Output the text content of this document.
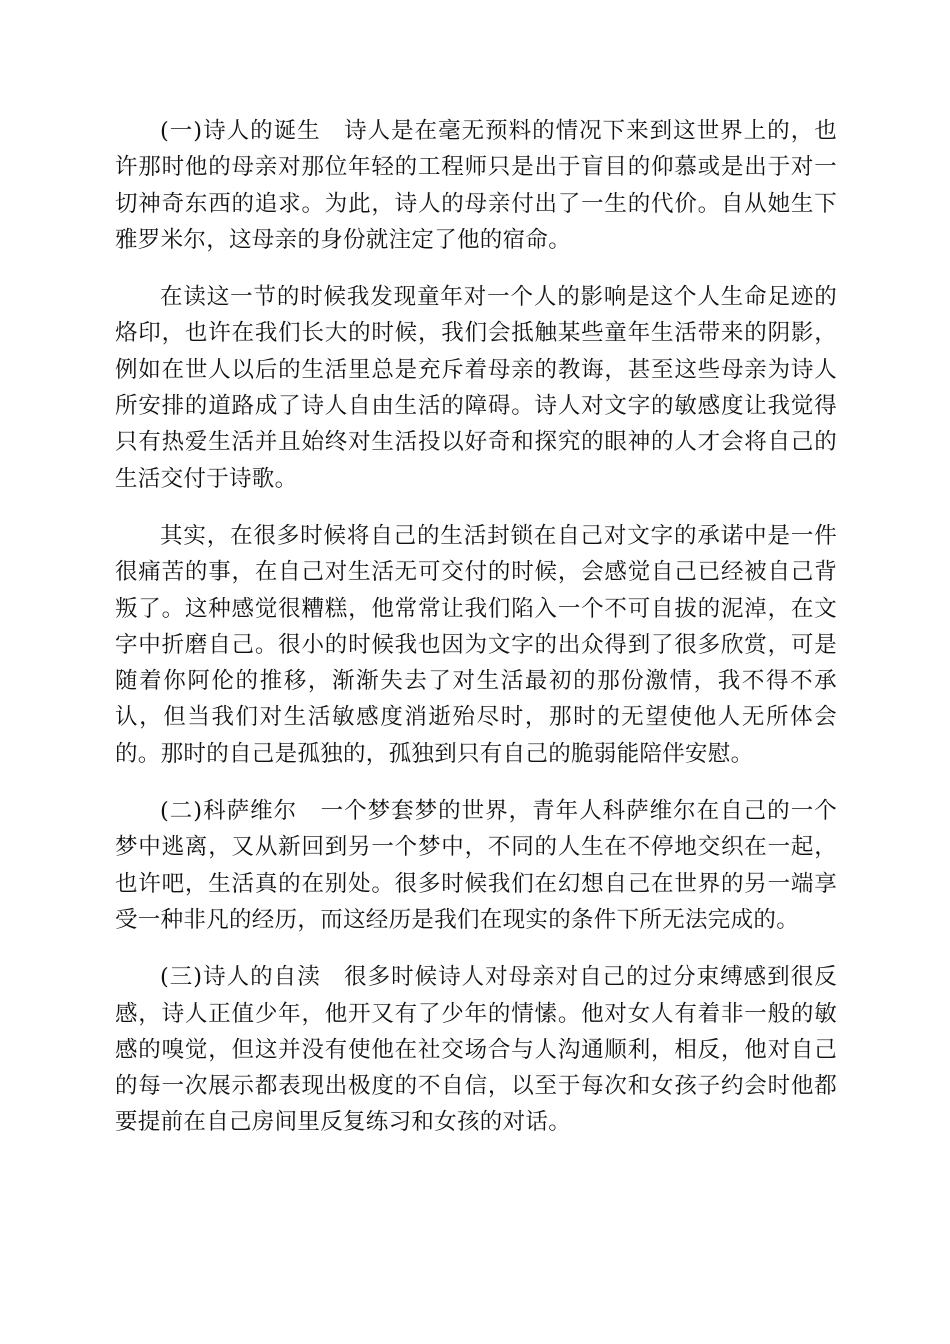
(一)诗人的诞生　诗人是在毫无预料的情况下来到这世界上的，也许那时他的母亲对那位年轻的工程师只是出于盲目的仰慕或是出于对一切神奇东西的追求。为此，诗人的母亲付出了一生的代价。自从她生下雅罗米尔，这母亲的身份就注定了他的宿命。

在读这一节的时候我发现童年对一个人的影响是这个人生命足迹的烙印，也许在我们长大的时候，我们会抵触某些童年生活带来的阴影，例如在世人以后的生活里总是充斥着母亲的教诲，甚至这些母亲为诗人所安排的道路成了诗人自由生活的障碍。诗人对文字的敏感度让我觉得只有热爱生活并且始终对生活投以好奇和探究的眼神的人才会将自己的生活交付于诗歌。

其实，在很多时候将自己的生活封锁在自己对文字的承诺中是一件很痛苦的事，在自己对生活无可交付的时候，会感觉自己已经被自己背叛了。这种感觉很糟糕，他常常让我们陷入一个不可自拔的泥淖，在文字中折磨自己。很小的时候我也因为文字的出众得到了很多欣赏，可是随着你阿伦的推移，渐渐失去了对生活最初的那份激情，我不得不承认，但当我们对生活敏感度消逝殆尽时，那时的无望使他人无所体会的。那时的自己是孤独的，孤独到只有自己的脆弱能陪伴安慰。

(二)科萨维尔　一个梦套梦的世界，青年人科萨维尔在自己的一个梦中逃离，又从新回到另一个梦中，不同的人生在不停地交织在一起，也许吧，生活真的在别处。很多时候我们在幻想自己在世界的另一端享受一种非凡的经历，而这经历是我们在现实的条件下所无法完成的。

(三)诗人的自渎　很多时候诗人对母亲对自己的过分束缚感到很反感，诗人正值少年，他开又有了少年的情愫。他对女人有着非一般的敏感的嗅觉，但这并没有使他在社交场合与人沟通顺利，相反，他对自己的每一次展示都表现出极度的不自信，以至于每次和女孩子约会时他都要提前在自己房间里反复练习和女孩的对话。
